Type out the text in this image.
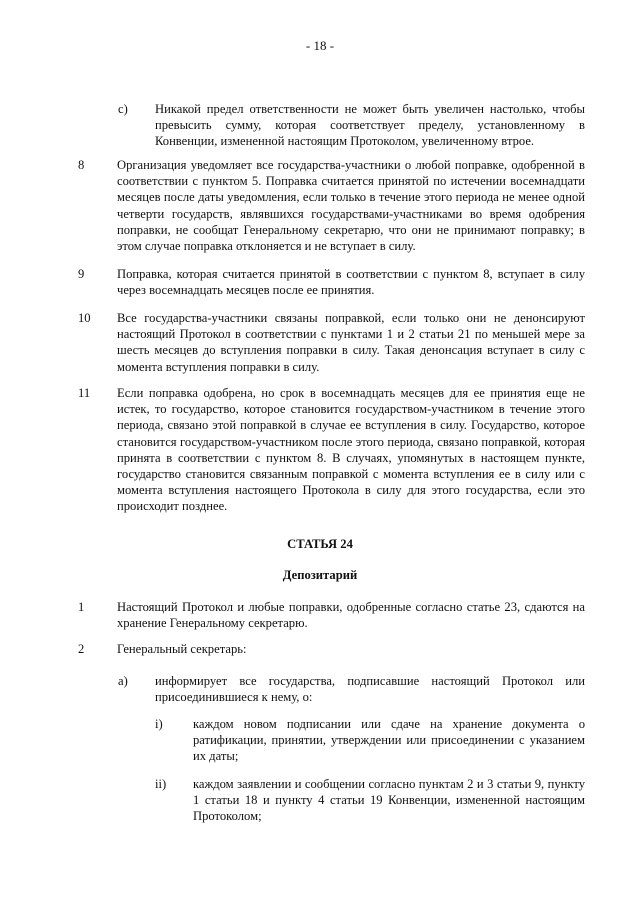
- 18 -
c) Никакой предел ответственности не может быть увеличен настолько, чтобы превысить сумму, которая соответствует пределу, установленному в Конвенции, измененной настоящим Протоколом, увеличенному втрое.

8	Организация уведомляет все государства-участники о любой поправке, одобренной в соответствии с пунктом 5. Поправка считается принятой по истечении восемнадцати месяцев после даты уведомления, если только в течение этого периода не менее одной четверти государств, являвшихся государствами-участниками во время одобрения поправки, не сообщат Генеральному секретарю, что они не принимают поправку; в этом случае поправка отклоняется и не вступает в силу.

9	Поправка, которая считается принятой в соответствии с пунктом 8, вступает в силу через восемнадцать месяцев после ее принятия.

10 Все государства-участники связаны поправкой, если только они не денонсируют настоящий Протокол в соответствии с пунктами 1 и 2 статьи 21 по меньшей мере за шесть месяцев до вступления поправки в силу. Такая денонсация вступает в силу с момента вступления поправки в силу.

11 Если поправка одобрена, но срок в восемнадцать месяцев для ее принятия еще не истек, то государство, которое становится государством-участником в течение этого периода, связано этой поправкой в случае ее вступления в силу. Государство, которое становится государством-участником после этого периода, связано поправкой, которая принята в соответствии с пунктом 8. В случаях, упомянутых в настоящем пункте, государство становится связанным поправкой с момента вступления ее в силу или с момента вступления настоящего Протокола в силу для этого государства, если это происходит позднее.

СТАТЬЯ 24
Депозитарий
1	Настоящий Протокол и любые поправки, одобренные согласно статье 23, сдаются на хранение Генеральному секретарю.

2	Генеральный секретарь:

a) информирует все государства, подписавшие настоящий Протокол или присоединившиеся к нему, о:

i) каждом новом подписании или сдаче на хранение документа о ратификации, принятии, утверждении или присоединении с указанием их даты;

ii) каждом заявлении и сообщении согласно пунктам 2 и 3 статьи 9, пункту 1 статьи 18 и пункту 4 статьи 19 Конвенции, измененной настоящим Протоколом;
